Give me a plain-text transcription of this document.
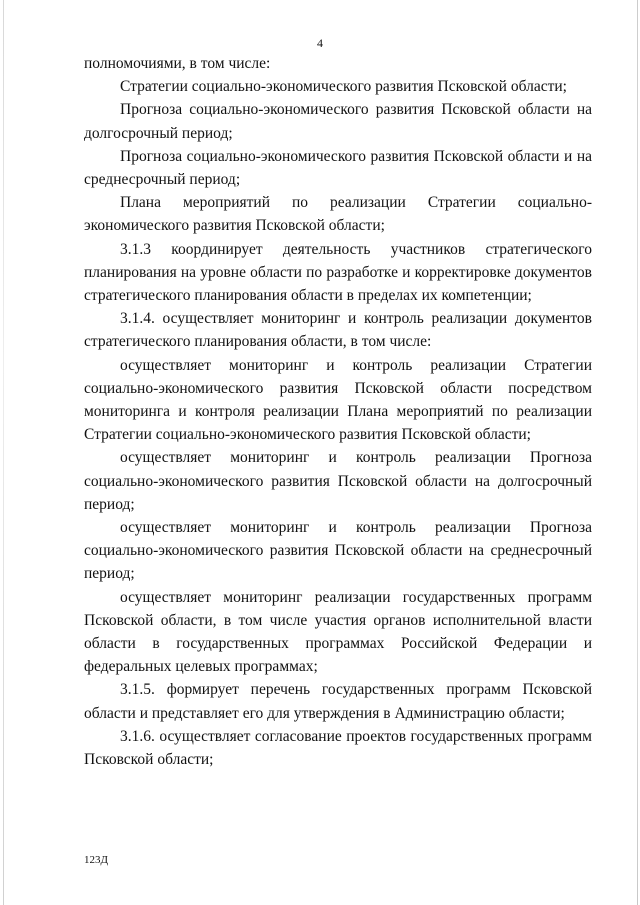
4

полномочиями, в том числе:

Стратегии социально-экономического развития Псковской области;

Прогноза социально-экономического развития Псковской области на долгосрочный период;

Прогноза социально-экономического развития Псковской области и на среднесрочный период;

Плана мероприятий по реализации Стратегии социально-экономического развития Псковской области;

3.1.3 координирует деятельность участников стратегического планирования на уровне области по разработке и корректировке документов стратегического планирования области в пределах их компетенции;

3.1.4. осуществляет мониторинг и контроль реализации документов стратегического планирования области, в том числе:

осуществляет мониторинг и контроль реализации Стратегии социально-экономического развития Псковской области посредством мониторинга и контроля реализации Плана мероприятий по реализации Стратегии социально-экономического развития Псковской области;

осуществляет мониторинг и контроль реализации Прогноза социально-экономического развития Псковской области на долгосрочный период;

осуществляет мониторинг и контроль реализации Прогноза социально-экономического развития Псковской области на среднесрочный период;

осуществляет мониторинг реализации государственных программ Псковской области, в том числе участия органов исполнительной власти области в государственных программах Российской Федерации и федеральных целевых программах;

3.1.5. формирует перечень государственных программ Псковской области и представляет его для утверждения в Администрацию области;

3.1.6. осуществляет согласование проектов государственных программ Псковской области;

123Д
